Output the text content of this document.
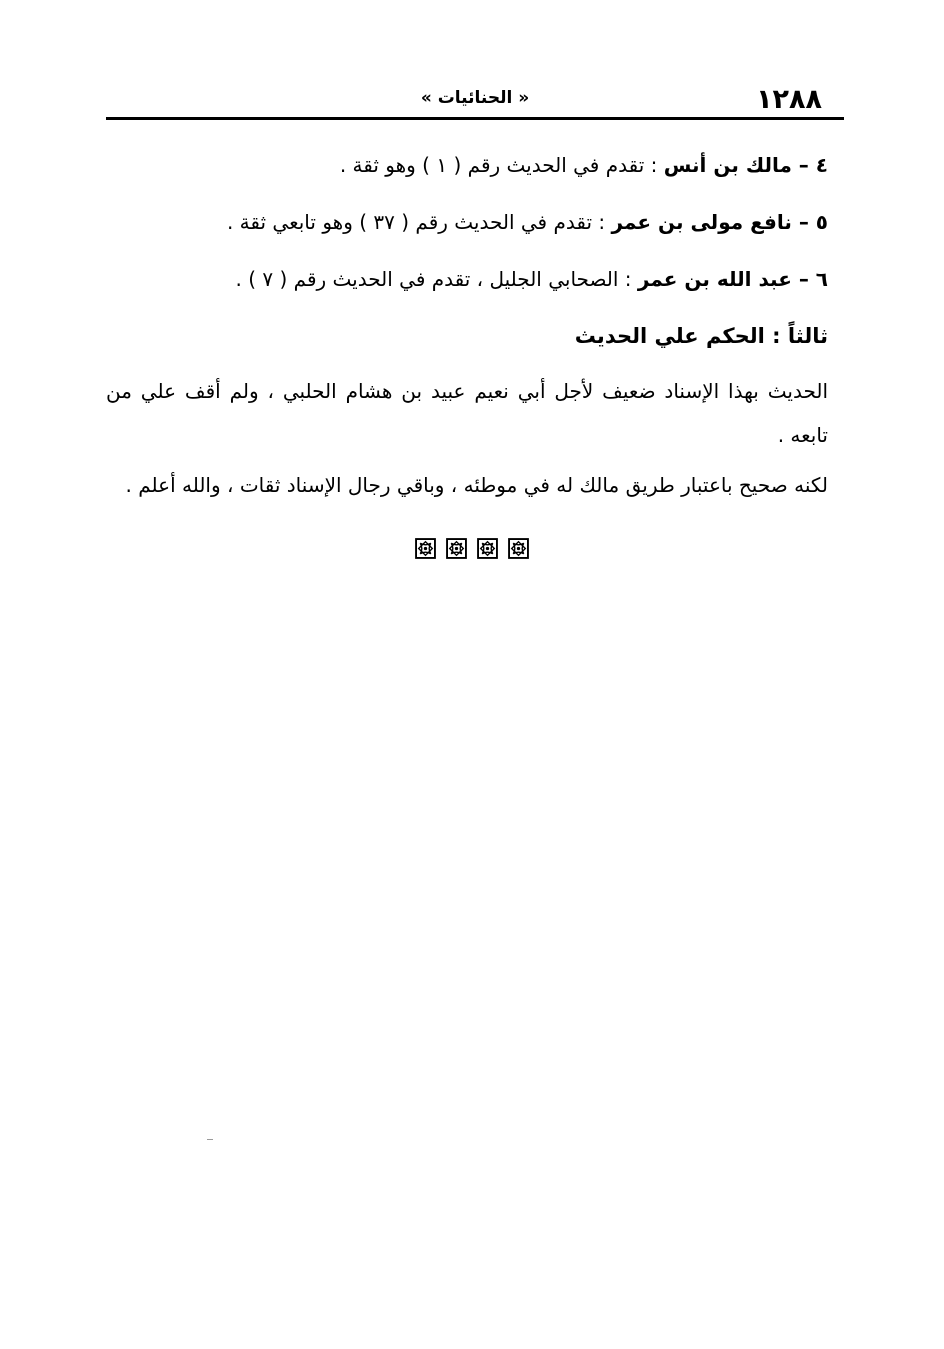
١٢٨٨
« الحنائيات »

٤ – مالك بن أنس : تقدم في الحديث رقم ( ١ ) وهو ثقة .

٥ – نافع مولى بن عمر : تقدم في الحديث رقم ( ٣٧ ) وهو تابعي ثقة .

٦ – عبد الله بن عمر : الصحابي الجليل ، تقدم في الحديث رقم ( ٧ ) .

ثالثاً : الحكم علي الحديث

الحديث بهذا الإسناد ضعيف لأجل أبي نعيم عبيد بن هشام الحلبي ، ولم أقف علي من تابعه .

لكنه صحيح باعتبار طريق مالك له في موطئه ، وباقي رجال الإسناد ثقات ، والله أعلم .
